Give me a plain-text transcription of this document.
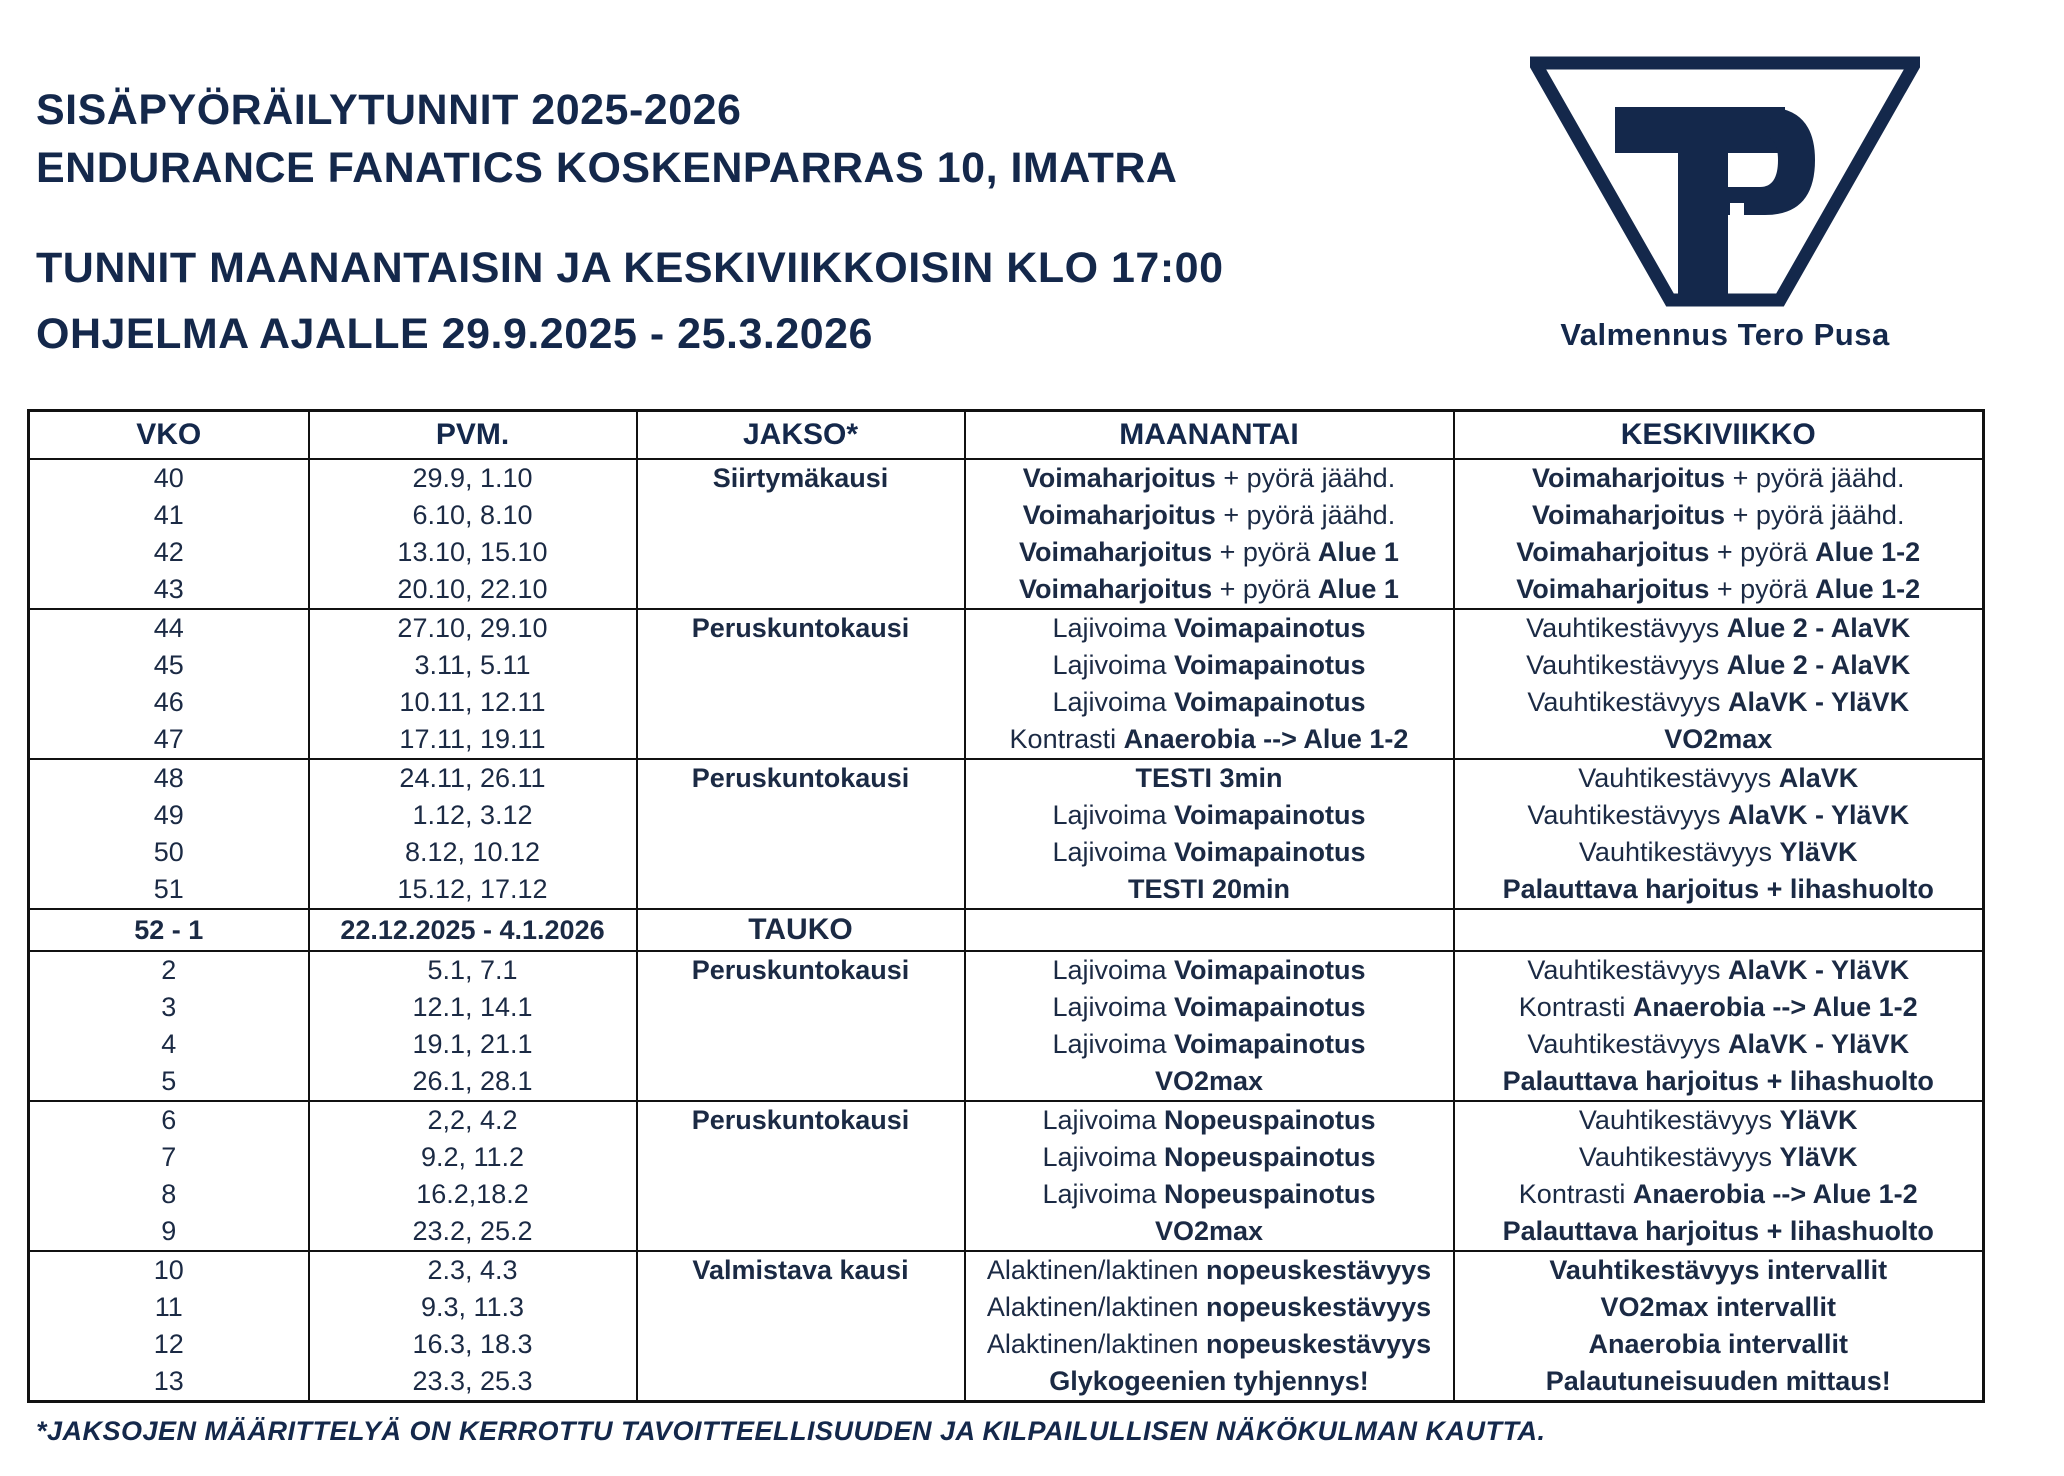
SISÄPYÖRÄILYTUNNIT 2025-2026
ENDURANCE FANATICS KOSKENPARRAS 10, IMATRA
TUNNIT MAANANTAISIN JA KESKIVIIKKOISIN KLO 17:00
OHJELMA AJALLE 29.9.2025 - 25.3.2026	Valmennus Tero Pusa
VKO	PVM.	JAKSO*	MAANANTAI	KESKIVIIKKO
40	29.9, 1.10	Siirtymäkausi	Voimaharjoitus + pyörä jäähd.	Voimaharjoitus + pyörä jäähd.
41	6.10, 8.10		Voimaharjoitus + pyörä jäähd.	Voimaharjoitus + pyörä jäähd.
42	13.10, 15.10		Voimaharjoitus + pyörä Alue 1	Voimaharjoitus + pyörä Alue 1-2
43	20.10, 22.10		Voimaharjoitus + pyörä Alue 1	Voimaharjoitus + pyörä Alue 1-2
44	27.10, 29.10	Peruskuntokausi	Lajivoima Voimapainotus	Vauhtikestävyys Alue 2 - AlaVK
45	3.11, 5.11		Lajivoima Voimapainotus	Vauhtikestävyys Alue 2 - AlaVK
46	10.11, 12.11		Lajivoima Voimapainotus	Vauhtikestävyys AlaVK - YläVK
47	17.11, 19.11		Kontrasti Anaerobia --> Alue 1-2	VO2max
48	24.11, 26.11	Peruskuntokausi	TESTI 3min	Vauhtikestävyys AlaVK
49	1.12, 3.12		Lajivoima Voimapainotus	Vauhtikestävyys AlaVK - YläVK
50	8.12, 10.12		Lajivoima Voimapainotus	Vauhtikestävyys YläVK
51	15.12, 17.12		TESTI 20min	Palauttava harjoitus + lihashuolto
52 - 1	22.12.2025 - 4.1.2026	TAUKO		
2	5.1, 7.1	Peruskuntokausi	Lajivoima Voimapainotus	Vauhtikestävyys AlaVK - YläVK
3	12.1, 14.1		Lajivoima Voimapainotus	Kontrasti Anaerobia --> Alue 1-2
4	19.1, 21.1		Lajivoima Voimapainotus	Vauhtikestävyys AlaVK - YläVK
5	26.1, 28.1		VO2max	Palauttava harjoitus + lihashuolto
6	2,2, 4.2	Peruskuntokausi	Lajivoima Nopeuspainotus	Vauhtikestävyys YläVK
7	9.2, 11.2		Lajivoima Nopeuspainotus	Vauhtikestävyys YläVK
8	16.2,18.2		Lajivoima Nopeuspainotus	Kontrasti Anaerobia --> Alue 1-2
9	23.2, 25.2		VO2max	Palauttava harjoitus + lihashuolto
10	2.3, 4.3	Valmistava kausi	Alaktinen/laktinen nopeuskestävyys	Vauhtikestävyys intervallit
11	9.3, 11.3		Alaktinen/laktinen nopeuskestävyys	VO2max intervallit
12	16.3, 18.3		Alaktinen/laktinen nopeuskestävyys	Anaerobia intervallit
13	23.3, 25.3		Glykogeenien tyhjennys!	Palautuneisuuden mittaus!
*JAKSOJEN MÄÄRITTELYÄ ON KERROTTU TAVOITTEELLISUUDEN JA KILPAILULLISEN NÄKÖKULMAN KAUTTA.
